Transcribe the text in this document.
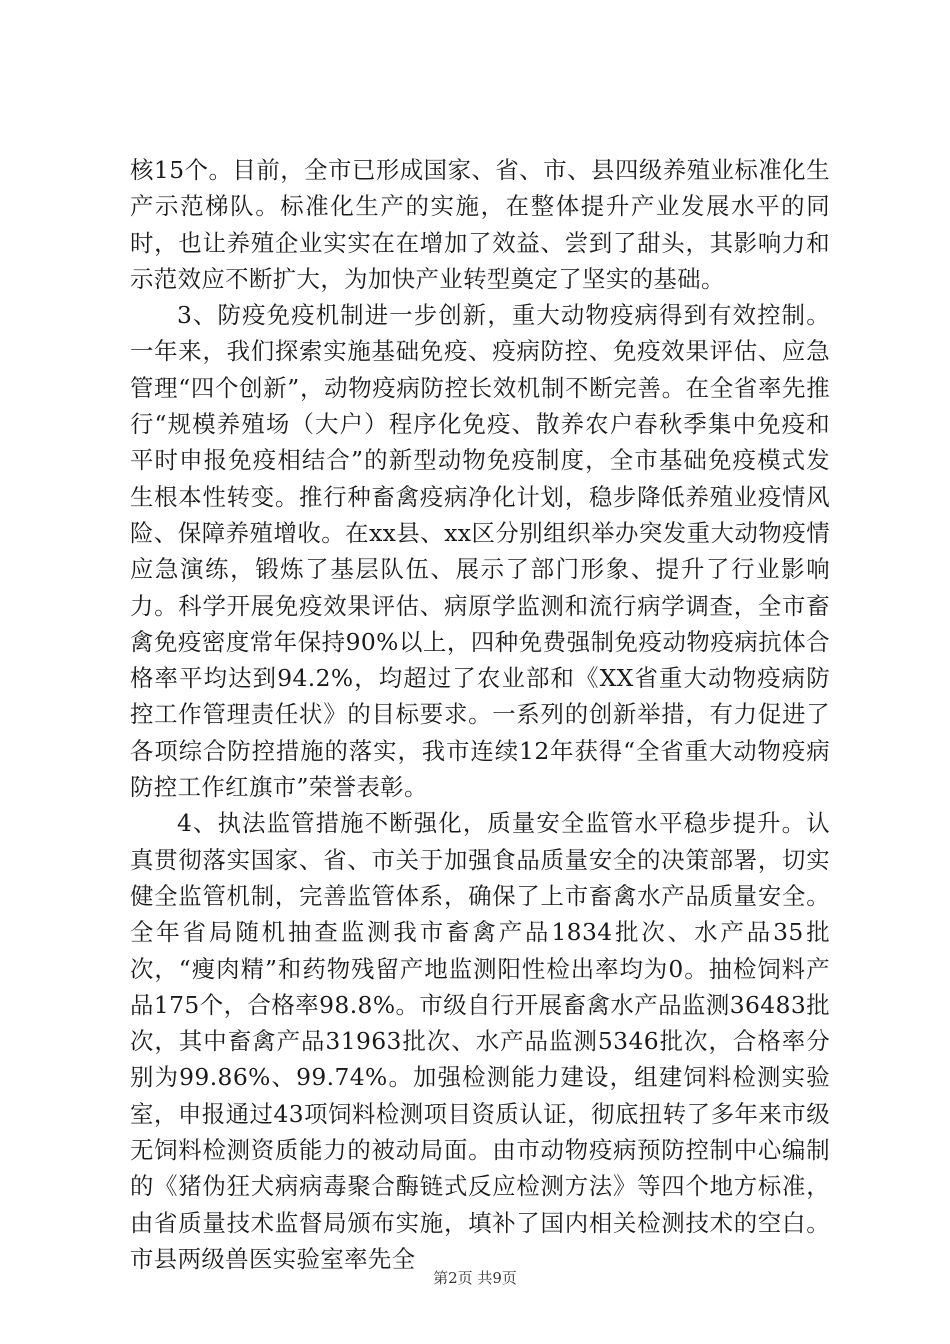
核15个。目前，全市已形成国家、省、市、县四级养殖业标准化生产示范梯队。标准化生产的实施，在整体提升产业发展水平的同时，也让养殖企业实实在在增加了效益、尝到了甜头，其影响力和示范效应不断扩大，为加快产业转型奠定了坚实的基础。

3、防疫免疫机制进一步创新，重大动物疫病得到有效控制。一年来，我们探索实施基础免疫、疫病防控、免疫效果评估、应急管理“四个创新”，动物疫病防控长效机制不断完善。在全省率先推行“规模养殖场（大户）程序化免疫、散养农户春秋季集中免疫和平时申报免疫相结合”的新型动物免疫制度，全市基础免疫模式发生根本性转变。推行种畜禽疫病净化计划，稳步降低养殖业疫情风险、保障养殖增收。在xx县、xx区分别组织举办突发重大动物疫情应急演练，锻炼了基层队伍、展示了部门形象、提升了行业影响力。科学开展免疫效果评估、病原学监测和流行病学调查，全市畜禽免疫密度常年保持90%以上，四种免费强制免疫动物疫病抗体合格率平均达到94.2%，均超过了农业部和《XX省重大动物疫病防控工作管理责任状》的目标要求。一系列的创新举措，有力促进了各项综合防控措施的落实，我市连续12年获得“全省重大动物疫病防控工作红旗市”荣誉表彰。

4、执法监管措施不断强化，质量安全监管水平稳步提升。认真贯彻落实国家、省、市关于加强食品质量安全的决策部署，切实健全监管机制，完善监管体系，确保了上市畜禽水产品质量安全。全年省局随机抽查监测我市畜禽产品1834批次、水产品35批次，“瘦肉精”和药物残留产地监测阳性检出率均为0。抽检饲料产品175个，合格率98.8%。市级自行开展畜禽水产品监测36483批次，其中畜禽产品31963批次、水产品监测5346批次，合格率分别为99.86%、99.74%。加强检测能力建设，组建饲料检测实验室，申报通过43项饲料检测项目资质认证，彻底扭转了多年来市级无饲料检测资质能力的被动局面。由市动物疫病预防控制中心编制的《猪伪狂犬病病毒聚合酶链式反应检测方法》等四个地方标准，由省质量技术监督局颁布实施，填补了国内相关检测技术的空白。市县两级兽医实验室率先全

第2页 共9页
